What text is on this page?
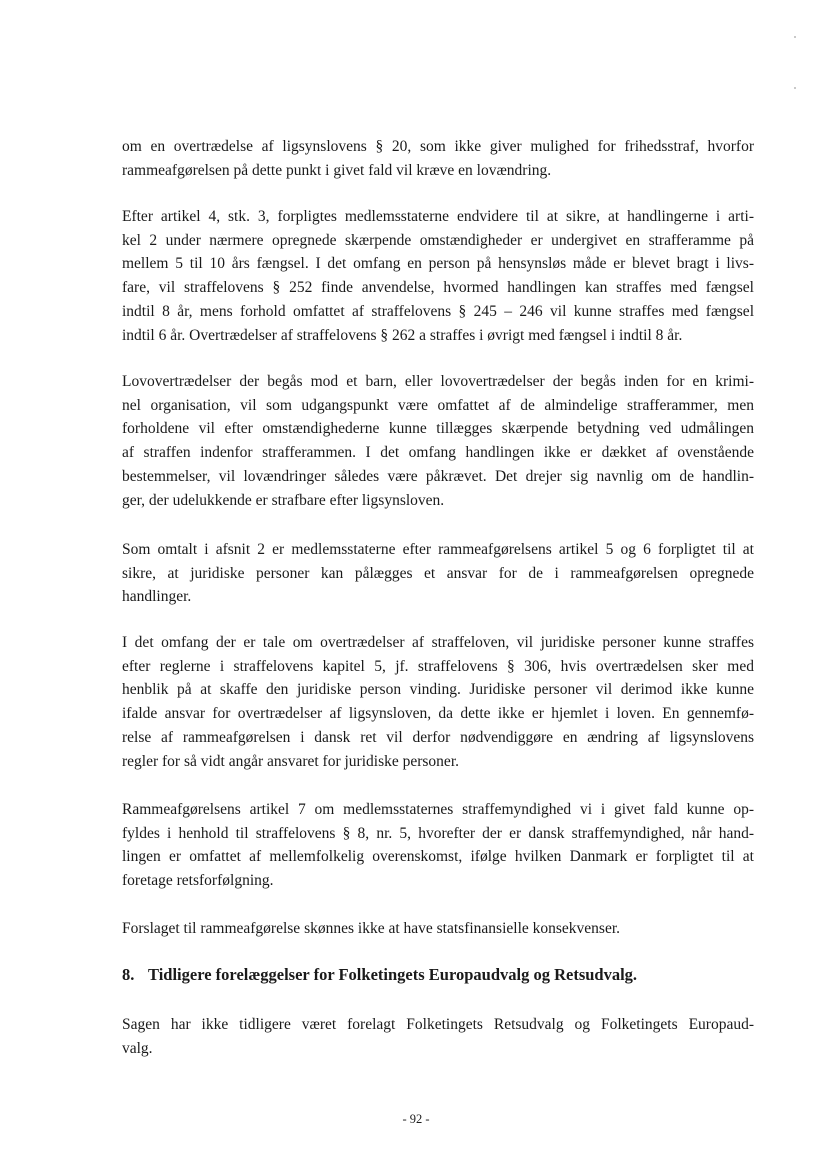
om en overtrædelse af ligsynslovens § 20, som ikke giver mulighed for frihedsstraf, hvorfor
rammeafgørelsen på dette punkt i givet fald vil kræve en lovændring.
Efter artikel 4, stk. 3, forpligtes medlemsstaterne endvidere til at sikre, at handlingerne i arti-
kel 2 under nærmere opregnede skærpende omstændigheder er undergivet en strafferamme på
mellem 5 til 10 års fængsel. I det omfang en person på hensynsløs måde er blevet bragt i livs-
fare, vil straffelovens § 252 finde anvendelse, hvormed handlingen kan straffes med fængsel
indtil 8 år, mens forhold omfattet af straffelovens § 245 – 246 vil kunne straffes med fængsel
indtil 6 år. Overtrædelser af straffelovens § 262 a straffes i øvrigt med fængsel i indtil 8 år.
Lovovertrædelser der begås mod et barn, eller lovovertrædelser der begås inden for en krimi-
nel organisation, vil som udgangspunkt være omfattet af de almindelige strafferammer, men
forholdene vil efter omstændighederne kunne tillægges skærpende betydning ved udmålingen
af straffen indenfor strafferammen. I det omfang handlingen ikke er dækket af ovenstående
bestemmelser, vil lovændringer således være påkrævet. Det drejer sig navnlig om de handlin-
ger, der udelukkende er strafbare efter ligsynsloven.
Som omtalt i afsnit 2 er medlemsstaterne efter rammeafgørelsens artikel 5 og 6 forpligtet til at
sikre, at juridiske personer kan pålægges et ansvar for de i rammeafgørelsen opregnede
handlinger.
I det omfang der er tale om overtrædelser af straffeloven, vil juridiske personer kunne straffes
efter reglerne i straffelovens kapitel 5, jf. straffelovens § 306, hvis overtrædelsen sker med
henblik på at skaffe den juridiske person vinding. Juridiske personer vil derimod ikke kunne
ifalde ansvar for overtrædelser af ligsynsloven, da dette ikke er hjemlet i loven. En gennemfø-
relse af rammeafgørelsen i dansk ret vil derfor nødvendiggøre en ændring af ligsynslovens
regler for så vidt angår ansvaret for juridiske personer.
Rammeafgørelsens artikel 7 om medlemsstaternes straffemyndighed vi i givet fald kunne op-
fyldes i henhold til straffelovens § 8, nr. 5, hvorefter der er dansk straffemyndighed, når hand-
lingen er omfattet af mellemfolkelig overenskomst, ifølge hvilken Danmark er forpligtet til at
foretage retsforfølgning.
Forslaget til rammeafgørelse skønnes ikke at have statsfinansielle konsekvenser.
8. Tidligere forelæggelser for Folketingets Europaudvalg og Retsudvalg.
Sagen har ikke tidligere været forelagt Folketingets Retsudvalg og Folketingets Europaud-
valg.
- 92 -
